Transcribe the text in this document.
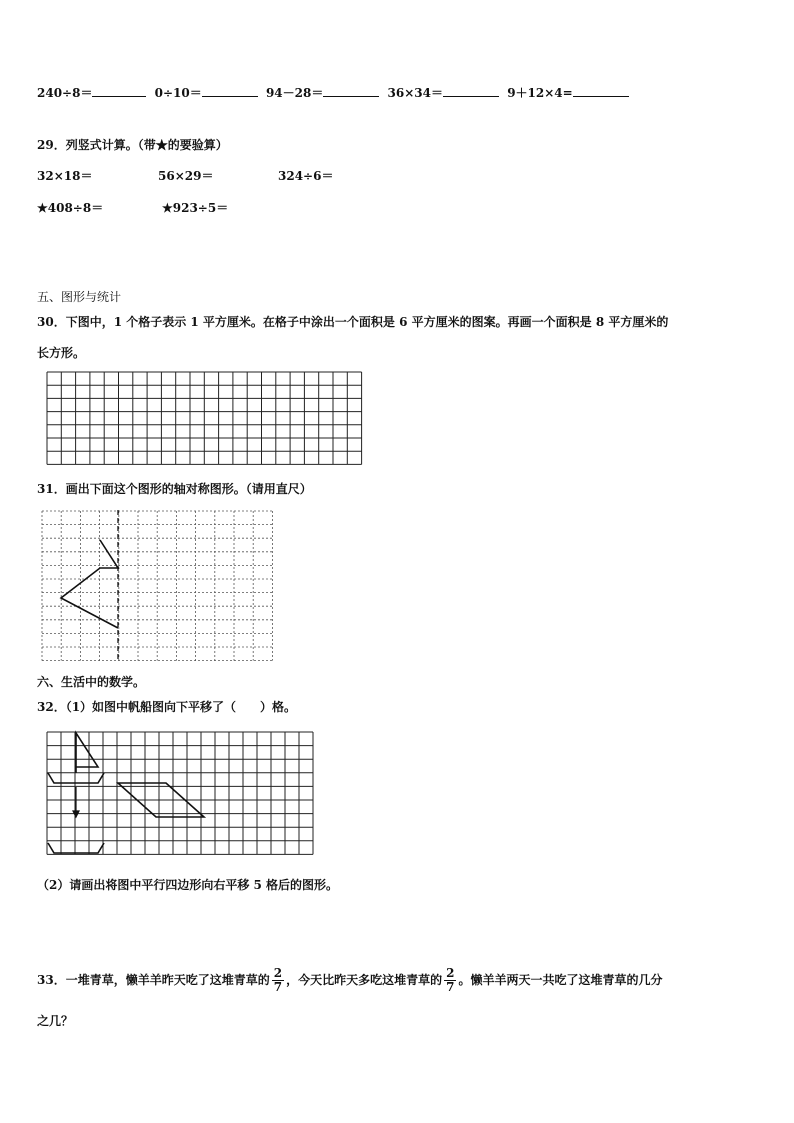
240÷8＝	0÷10＝	94－28＝	36×34＝	9＋12×4=
29．列竖式计算。（带★的要验算）
32×18＝	56×29＝	324÷6＝
★408÷8＝	★923÷5＝
五、图形与统计
30．下图中，1 个格子表示 1 平方厘米。在格子中涂出一个面积是 6 平方厘米的图案。再画一个面积是 8 平方厘米的
长方形。
31．画出下面这个图形的轴对称图形。（请用直尺）
六、生活中的数学。
32．（1）如图中帆船图向下平移了（　　）格。
（2）请画出将图中平行四边形向右平移 5 格后的图形。
33．一堆青草，懒羊羊昨天吃了这堆青草的 $\frac{2}{7}$ ，今天比昨天多吃这堆青草的 $\frac{2}{7}$ 。懒羊羊两天一共吃了这堆青草的几分
之几？
